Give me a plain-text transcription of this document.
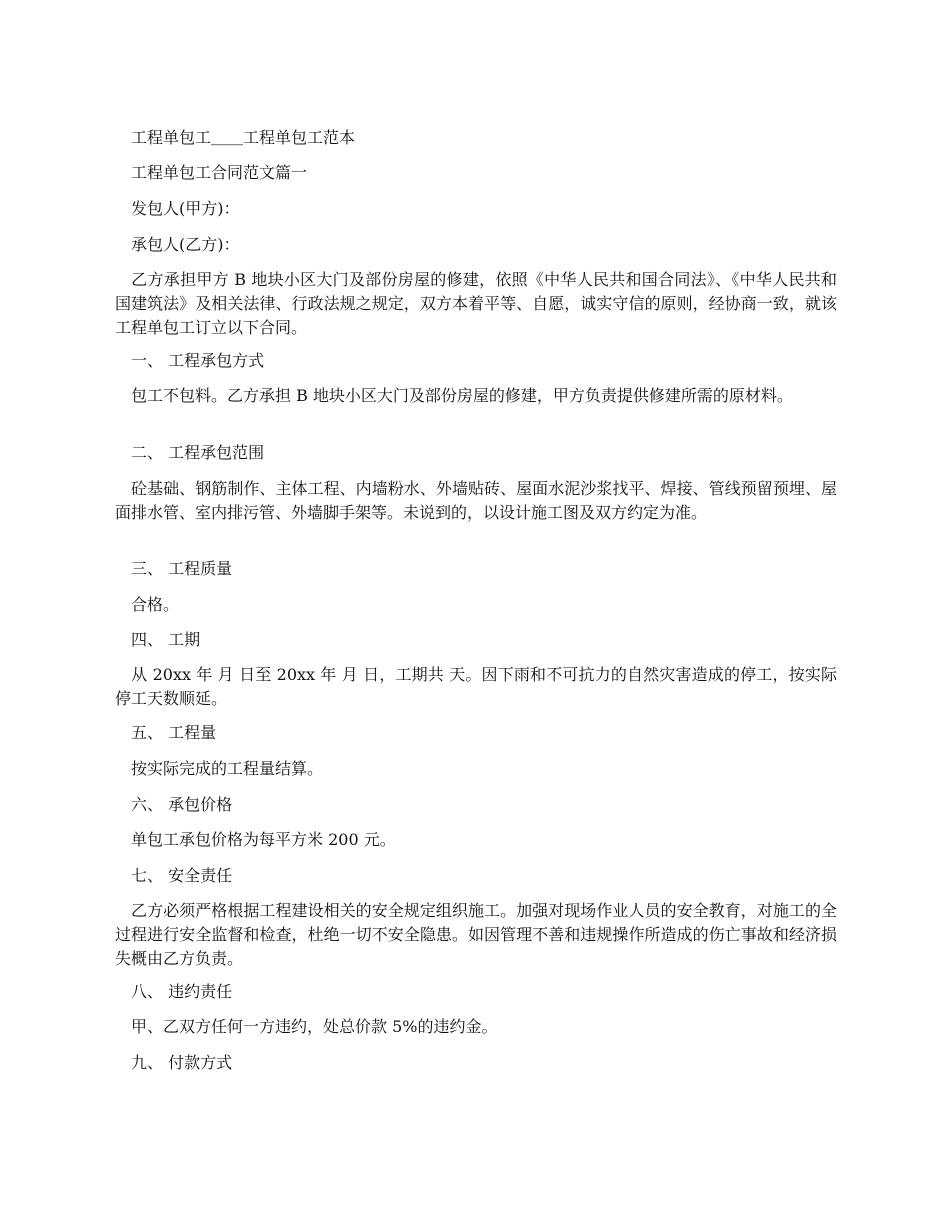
　工程单包工＿＿工程单包工范本

　工程单包工合同范文篇一

　发包人(甲方)：

　承包人(乙方)：

　乙方承担甲方 B 地块小区大门及部份房屋的修建，依照《中华人民共和国合同法》、《中华人民共和国建筑法》及相关法律、行政法规之规定，双方本着平等、自愿，诚实守信的原则，经协商一致，就该工程单包工订立以下合同。

　一、 工程承包方式

　包工不包料。乙方承担 B 地块小区大门及部份房屋的修建，甲方负责提供修建所需的原材料。

　二、 工程承包范围

　砼基础、钢筋制作、主体工程、内墙粉水、外墙贴砖、屋面水泥沙浆找平、焊接、管线预留预埋、屋面排水管、室内排污管、外墙脚手架等。未说到的，以设计施工图及双方约定为准。

　三、 工程质量

　合格。

　四、 工期

　从 20xx 年 月 日至 20xx 年 月 日，工期共 天。因下雨和不可抗力的自然灾害造成的停工，按实际停工天数顺延。

　五、 工程量

　按实际完成的工程量结算。

　六、 承包价格

　单包工承包价格为每平方米 200 元。

　七、 安全责任

　乙方必须严格根据工程建设相关的安全规定组织施工。加强对现场作业人员的安全教育，对施工的全过程进行安全监督和检查，杜绝一切不安全隐患。如因管理不善和违规操作所造成的伤亡事故和经济损失概由乙方负责。

　八、 违约责任

　甲、乙双方任何一方违约，处总价款 5%的违约金。

　九、 付款方式
